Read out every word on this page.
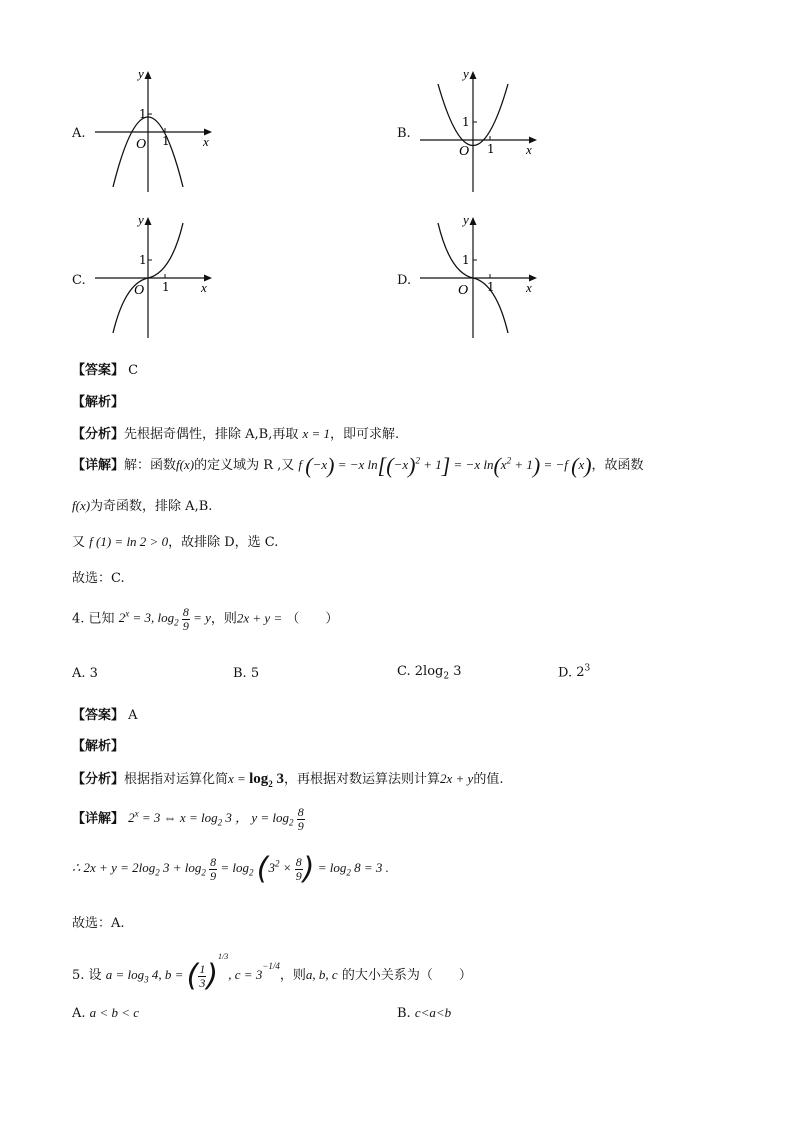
A.
y
x
O
1
1	B.
y
x
O
1
1
C.
y
x
O
1
1	D.
y
x
O
1
1
【答案】 C
【解析】
【分析】先根据奇偶性，排除 A,B,再取 x = 1，即可求解.
【详解】解：函数f(x)的定义域为 R ,又 f (−x) = −x $\ln[(-x)^2 + 1] = -x$ $\ln(x^2 + 1) = -f$ (x)，故函数
f(x)为奇函数，排除 A,B.
又 f (1) = ln 2 > 0，故排除 D，选 C.
故选：C.
4. 已知 $2^x = 3$, $\log_2 \frac{8}{9} = y$，则2x + y = （　　）
A. 3	B. 5	C. $2\log_2$ 3	D. $2^3$
【答案】 A
【解析】
【分析】根据指对运算化简$x = \log_2 3$，再根据对数运算法则计算2x + y的值.
【详解】 $2^x = 3$ ⇔ $x = \log_2 3$ ， $y = \log_2 \frac{8}{9}$
∴ $2x + y = 2\log_2$ $3 + \log_2 \frac{8}{9} = \log_2 (3^2 \times \frac{8}{9}$ ) = $\log_2 8 = 3$ .
故选：A.
5. 设 $a = \log_3 4$, b = ( $\frac{1}{3} )^{1/3}$, $c = 3^{-1/4}$，则a, b, c 的大小关系为（　　）
A. a < b < c	B. c<a<b
